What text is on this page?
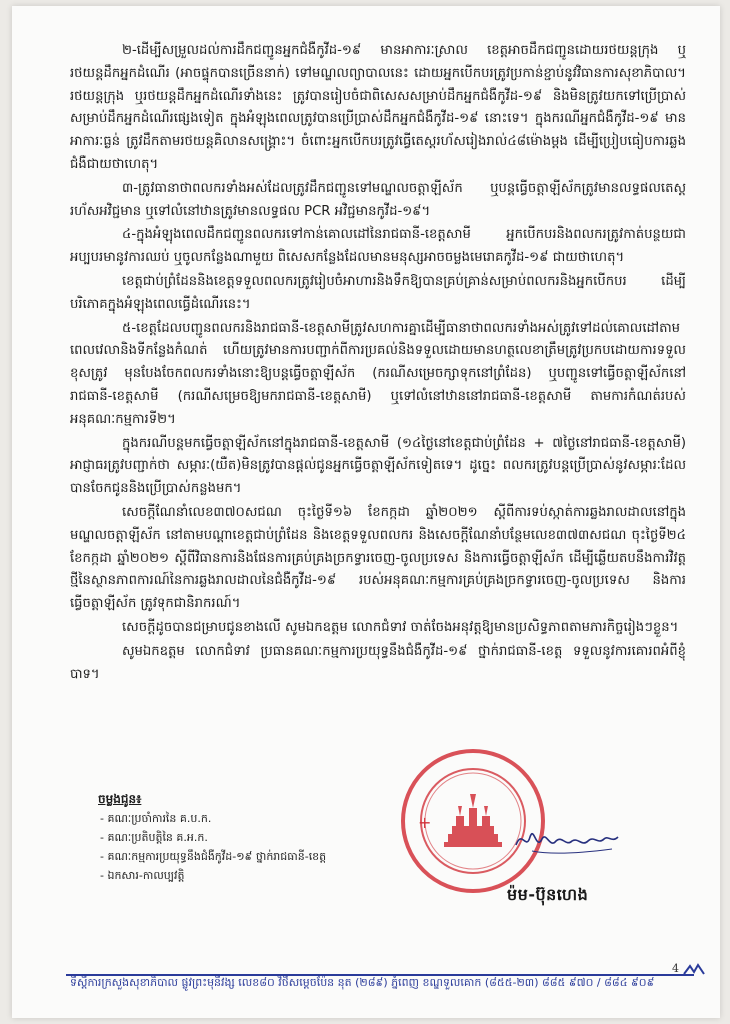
២-ដើម្បីសម្រួលដល់ការដឹកជញ្ជូនអ្នកជំងឺកូវីដ-១៩ មានអាការៈស្រាល ខេត្តអាចដឹកជញ្ជូនដោយរថយន្តក្រុង ឬរថយន្តដឹកអ្នកដំណើរ (អាចផ្ទុកបានច្រើននាក់) ទៅមណ្ឌលព្យាបាលនេះ ដោយអ្នកបើកបរត្រូវប្រកាន់ខ្ជាប់នូវវិធានការសុខាភិបាល។ រថយន្តក្រុង ឬរថយន្តដឹកអ្នកដំណើរទាំងនេះ ត្រូវបានរៀបចំជាពិសេសសម្រាប់ដឹកអ្នកជំងឺកូវីដ-១៩ និងមិនត្រូវយកទៅប្រើប្រាស់សម្រាប់ដឹកអ្នកដំណើរផ្សេងទៀត ក្នុងអំឡុងពេលត្រូវបានប្រើប្រាស់ដឹកអ្នកជំងឺកូវីដ-១៩ នោះទេ។ ក្នុងករណីអ្នកជំងឺកូវីដ-១៩ មានអាការៈធ្ងន់ ត្រូវដឹកតាមរថយន្តគិលានសង្គ្រោះ។ ចំពោះអ្នកបើកបរត្រូវធ្វើតេស្តរហ័សរៀងរាល់៤៨ម៉ោងម្តង ដើម្បីប្រៀបធៀបការឆ្លងជំងឺជាយថាហេតុ។

៣-ត្រូវធានាថាពលករទាំងអស់ដែលត្រូវដឹកជញ្ជូនទៅមណ្ឌលចត្តាឡីស័ក ឬបន្តធ្វើចត្តាឡីស័កត្រូវមានលទ្ធផលតេស្តរហ័សអវិជ្ជមាន ឬទៅលំនៅឋានត្រូវមានលទ្ធផល PCR អវិជ្ជមានកូវីដ-១៩។

៤-ក្នុងអំឡុងពេលដឹកជញ្ជូនពលករទៅកាន់គោលដៅនៃរាជធានី-ខេត្តសាមី អ្នកបើកបរនិងពលករត្រូវកាត់បន្ថយជាអប្បបរមានូវការឈប់ ឬចូលកន្លែងណាមួយ ពិសេសកន្លែងដែលមានមនុស្សអាចចម្លងមេរោគកូវីដ-១៩ ជាយថាហេតុ។

ខេត្តជាប់ព្រំដែននិងខេត្តទទួលពលករត្រូវរៀបចំអាហារនិងទឹកឱ្យបានគ្រប់គ្រាន់សម្រាប់ពលករនិងអ្នកបើកបរ ដើម្បីបរិភោគក្នុងអំឡុងពេលធ្វើដំណើរនេះ។

៥-ខេត្តដែលបញ្ជូនពលករនិងរាជធានី-ខេត្តសាមីត្រូវសហការគ្នាដើម្បីធានាថាពលករទាំងអស់ត្រូវទៅដល់គោលដៅតាមពេលវេលានិងទីកន្លែងកំណត់ ហើយត្រូវមានការបញ្ជាក់ពីការប្រគល់និងទទួលដោយមានហត្ថលេខាត្រឹមត្រូវប្រកបដោយការទទួលខុសត្រូវ មុនបែងចែកពលករទាំងនោះឱ្យបន្តធ្វើចត្តាឡីស័ក (ករណីសម្រេចក្សាទុកនៅព្រំដែន) ឬបញ្ជូនទៅធ្វើចត្តាឡីស័កនៅរាជធានី-ខេត្តសាមី (ករណីសម្រេចឱ្យមករាជធានី-ខេត្តសាមី) ឬទៅលំនៅឋាននៅរាជធានី-ខេត្តសាមី តាមការកំណត់របស់អនុគណៈកម្មការទី២។

ក្នុងករណីបន្តមកធ្វើចត្តាឡីស័កនៅក្នុងរាជធានី-ខេត្តសាមី (១៤ថ្ងៃនៅខេត្តជាប់ព្រំដែន + ៧ថ្ងៃនៅរាជធានី-ខេត្តសាមី) អាជ្ញាធរត្រូវបញ្ជាក់ថា សម្ភារៈ(យឺត)មិនត្រូវបានផ្តល់ជូនអ្នកធ្វើចត្តាឡីស័កទៀតទេ។ ដូច្នេះ ពលករត្រូវបន្តប្រើប្រាស់នូវសម្ភារៈដែលបានចែកជូននិងប្រើប្រាស់កន្លងមក។

សេចក្តីណែនាំលេខ៣៧០សជណ ចុះថ្ងៃទី១៦ ខែកក្កដា ឆ្នាំ២០២១ ស្តីពីការទប់ស្កាត់ការឆ្លងរាលដាលនៅក្នុងមណ្ឌលចត្តាឡីស័ក នៅតាមបណ្តាខេត្តជាប់ព្រំដែន និងខេត្តទទួលពលករ និងសេចក្តីណែនាំបន្ថែមលេខ៣៧៣សជណ ចុះថ្ងៃទី២៤ ខែកក្កដា ឆ្នាំ២០២១ ស្តីពីវិធានការនិងផែនការគ្រប់គ្រងច្រកទ្វារចេញ-ចូលប្រទេស និងការធ្វើចត្តាឡីស័ក ដើម្បីឆ្លើយតបនឹងការវិវត្តថ្មីនៃស្ថានភាពការណ៍នៃការឆ្លងរាលដាលនៃជំងឺកូវីដ-១៩ របស់អនុគណៈកម្មការគ្រប់គ្រងច្រកទ្វារចេញ-ចូលប្រទេស និងការធ្វើចត្តាឡីស័ក ត្រូវទុកជានិរាករណ៍។

សេចក្តីដូចបានជម្រាបជូនខាងលើ សូមឯកឧត្តម លោកជំទាវ ចាត់ចែងអនុវត្តឱ្យមានប្រសិទ្ធភាពតាមភារកិច្ចរៀងៗខ្លួន។

សូមឯកឧត្តម លោកជំទាវ ប្រធានគណៈកម្មការប្រយុទ្ធនឹងជំងឺកូវីដ-១៩ ថ្នាក់រាជធានី-ខេត្ត ទទួលនូវការគោរពអំពីខ្ញុំបាទ។

ចម្លងជូន៖
- គណៈប្រចាំការនៃ គ.ប.ក.
- គណៈប្រតិបត្តិនៃ គ.អ.ក.
- គណៈកម្មការប្រយុទ្ធនឹងជំងឺកូវីដ-១៩ ថ្នាក់រាជធានី-ខេត្ត
- ឯកសារ-កាលប្បវត្តិ
+
ម៉ម-ប៊ុនហេង
4
ទីស្តីការក្រសួងសុខាភិបាល ផ្លូវព្រះមុនីវង្ស លេខ៨០ វិថីសម្តេចប៉ែន នុត (២៨៩) ភ្នំពេញ ខណ្ឌទួលគោក (៨៥៥-២៣) ៨៨៥ ៩៧០ / ៨៨៤ ៩០៩
